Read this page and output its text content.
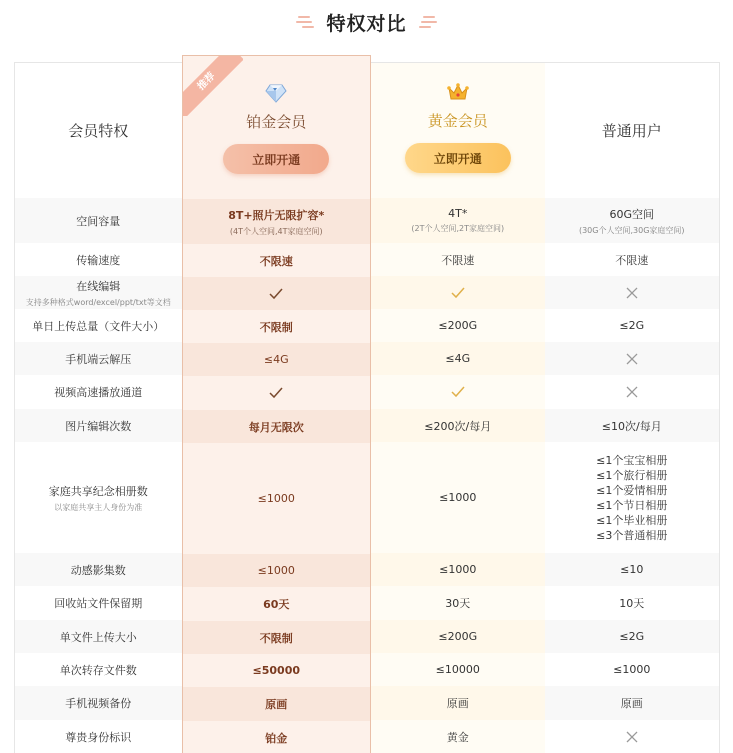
特权对比
会员特权
空间容量
传输速度
在线编辑
支持多种格式word/excel/ppt/txt等文档
单日上传总量（文件大小）
手机端云解压
视频高速播放通道
图片编辑次数
家庭共享纪念相册数
以家庭共享主人身份为准
动感影集数
回收站文件保留期
单文件上传大小
单次转存文件数
手机视频备份
尊贵身份标识
推荐
铂金会员
立即开通
8T+照片无限扩容*
(4T个人空间,4T家庭空间)
不限速
不限制
≤4G
每月无限次
≤1000
≤1000
60天
不限制
≤50000
原画
铂金
黄金会员
立即开通
4T*
(2T个人空间,2T家庭空间)
不限速
≤200G
≤4G
≤200次/每月
≤1000
≤1000
30天
≤200G
≤10000
原画
黄金
普通用户
60G空间
(30G个人空间,30G家庭空间)
不限速
≤2G
≤10次/每月
≤1个宝宝相册
≤1个旅行相册
≤1个爱情相册
≤1个节日相册
≤1个毕业相册
≤3个普通相册
≤10
10天
≤2G
≤1000
原画
